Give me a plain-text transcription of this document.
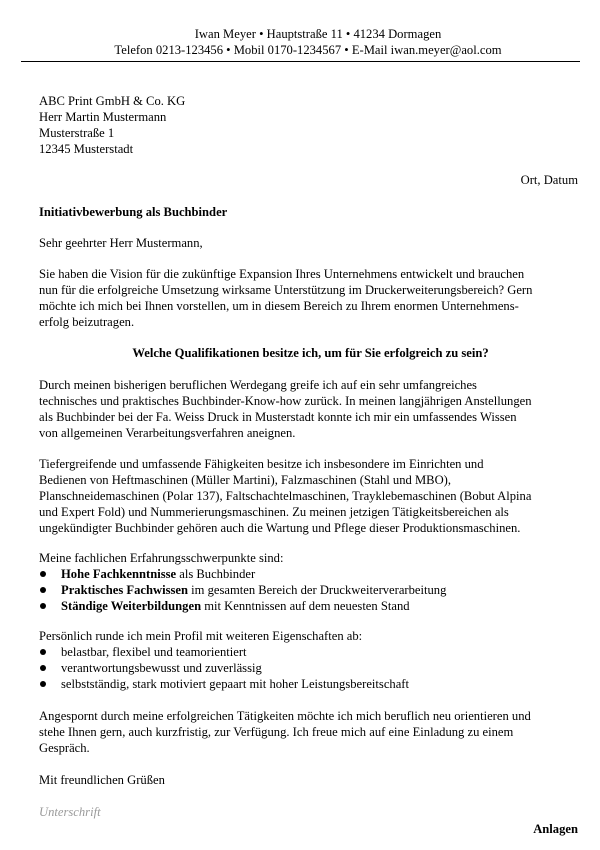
Iwan Meyer • Hauptstraße 11 • 41234 Dormagen
Telefon 0213-123456 • Mobil 0170-1234567 • E-Mail iwan.meyer@aol.com
ABC Print GmbH & Co. KG
Herr Martin Mustermann
Musterstraße 1
12345 Musterstadt
Ort, Datum
Initiativbewerbung als Buchbinder
Sehr geehrter Herr Mustermann,
Sie haben die Vision für die zukünftige Expansion Ihres Unternehmens entwickelt und brauchen
nun für die erfolgreiche Umsetzung wirksame Unterstützung im Druckerweiterungsbereich? Gern
möchte ich mich bei Ihnen vorstellen, um in diesem Bereich zu Ihrem enormen Unternehmens-
erfolg beizutragen.
Welche Qualifikationen besitze ich, um für Sie erfolgreich zu sein?
Durch meinen bisherigen beruflichen Werdegang greife ich auf ein sehr umfangreiches
technisches und praktisches Buchbinder-Know-how zurück. In meinen langjährigen Anstellungen
als Buchbinder bei der Fa. Weiss Druck in Musterstadt konnte ich mir ein umfassendes Wissen
von allgemeinen Verarbeitungsverfahren aneignen.
Tiefergreifende und umfassende Fähigkeiten besitze ich insbesondere im Einrichten und
Bedienen von Heftmaschinen (Müller Martini), Falzmaschinen (Stahl und MBO),
Planschneidemaschinen (Polar 137), Faltschachtelmaschinen, Trayklebemaschinen (Bobut Alpina
und Expert Fold) und Nummerierungsmaschinen. Zu meinen jetzigen Tätigkeitsbereichen als
ungekündigter Buchbinder gehören auch die Wartung und Pflege dieser Produktionsmaschinen.
Meine fachlichen Erfahrungsschwerpunkte sind:
Hohe Fachkenntnisse als Buchbinder
Praktisches Fachwissen im gesamten Bereich der Druckweiterverarbeitung
Ständige Weiterbildungen mit Kenntnissen auf dem neuesten Stand
Persönlich runde ich mein Profil mit weiteren Eigenschaften ab:
belastbar, flexibel und teamorientiert
verantwortungsbewusst und zuverlässig
selbstständig, stark motiviert gepaart mit hoher Leistungsbereitschaft
Angespornt durch meine erfolgreichen Tätigkeiten möchte ich mich beruflich neu orientieren und
stehe Ihnen gern, auch kurzfristig, zur Verfügung. Ich freue mich auf eine Einladung zu einem
Gespräch.
Mit freundlichen Grüßen
Unterschrift
Anlagen
